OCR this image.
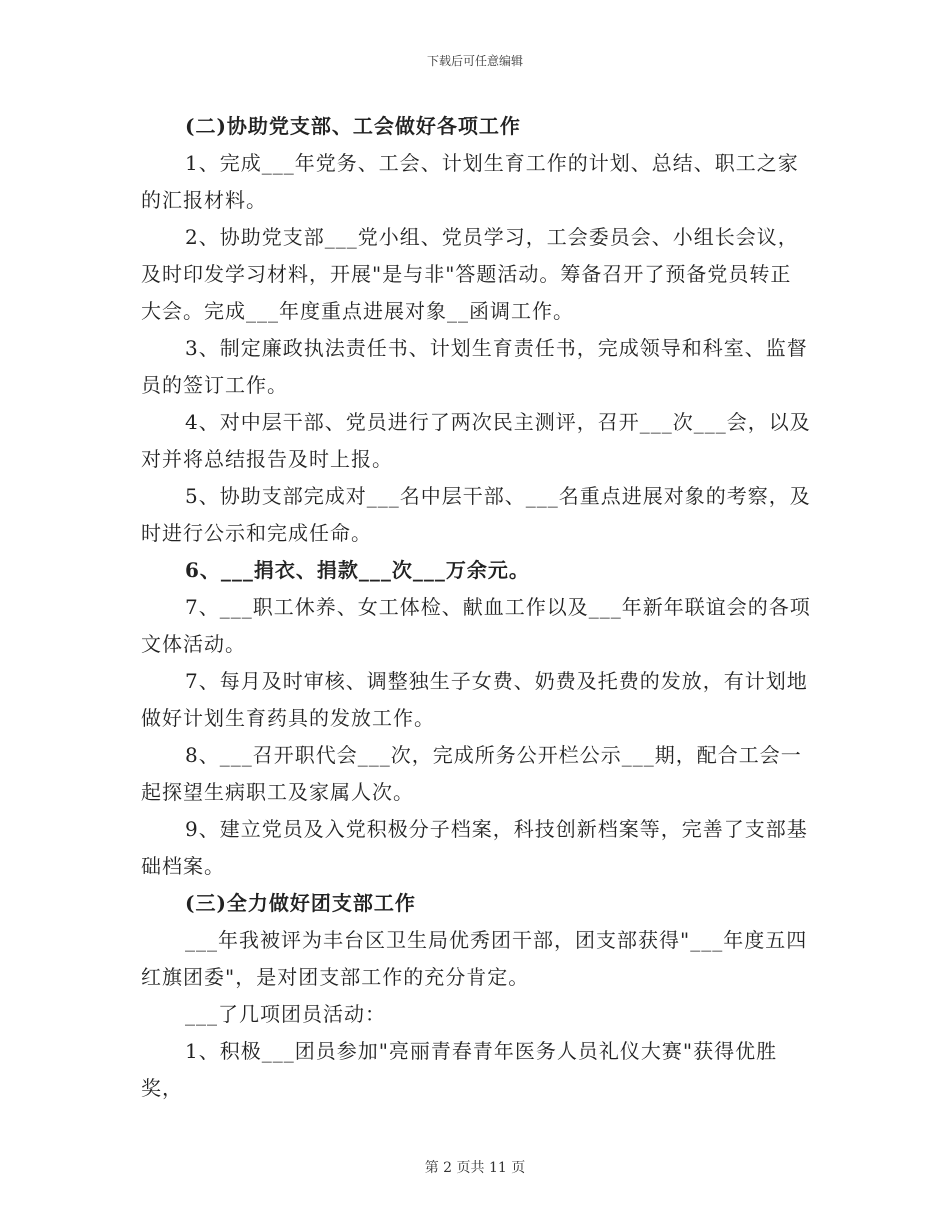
下载后可任意编辑

(二)协助党支部、工会做好各项工作

1、完成___年党务、工会、计划生育工作的计划、总结、职工之家的汇报材料。

2、协助党支部___党小组、党员学习，工会委员会、小组长会议，及时印发学习材料，开展"是与非"答题活动。筹备召开了预备党员转正大会。完成___年度重点进展对象__函调工作。

3、制定廉政执法责任书、计划生育责任书，完成领导和科室、监督员的签订工作。

4、对中层干部、党员进行了两次民主测评，召开___次___会，以及对并将总结报告及时上报。

5、协助支部完成对___名中层干部、___名重点进展对象的考察，及时进行公示和完成任命。

6、___捐衣、捐款___次___万余元。

7、___职工休养、女工体检、献血工作以及___年新年联谊会的各项文体活动。

7、每月及时审核、调整独生子女费、奶费及托费的发放，有计划地做好计划生育药具的发放工作。

8、___召开职代会___次，完成所务公开栏公示___期，配合工会一起探望生病职工及家属人次。

9、建立党员及入党积极分子档案，科技创新档案等，完善了支部基础档案。

(三)全力做好团支部工作

___年我被评为丰台区卫生局优秀团干部，团支部获得"___年度五四红旗团委"，是对团支部工作的充分肯定。

___了几项团员活动：

1、积极___团员参加"亮丽青春青年医务人员礼仪大赛"获得优胜奖，

第 2 页共 11 页
